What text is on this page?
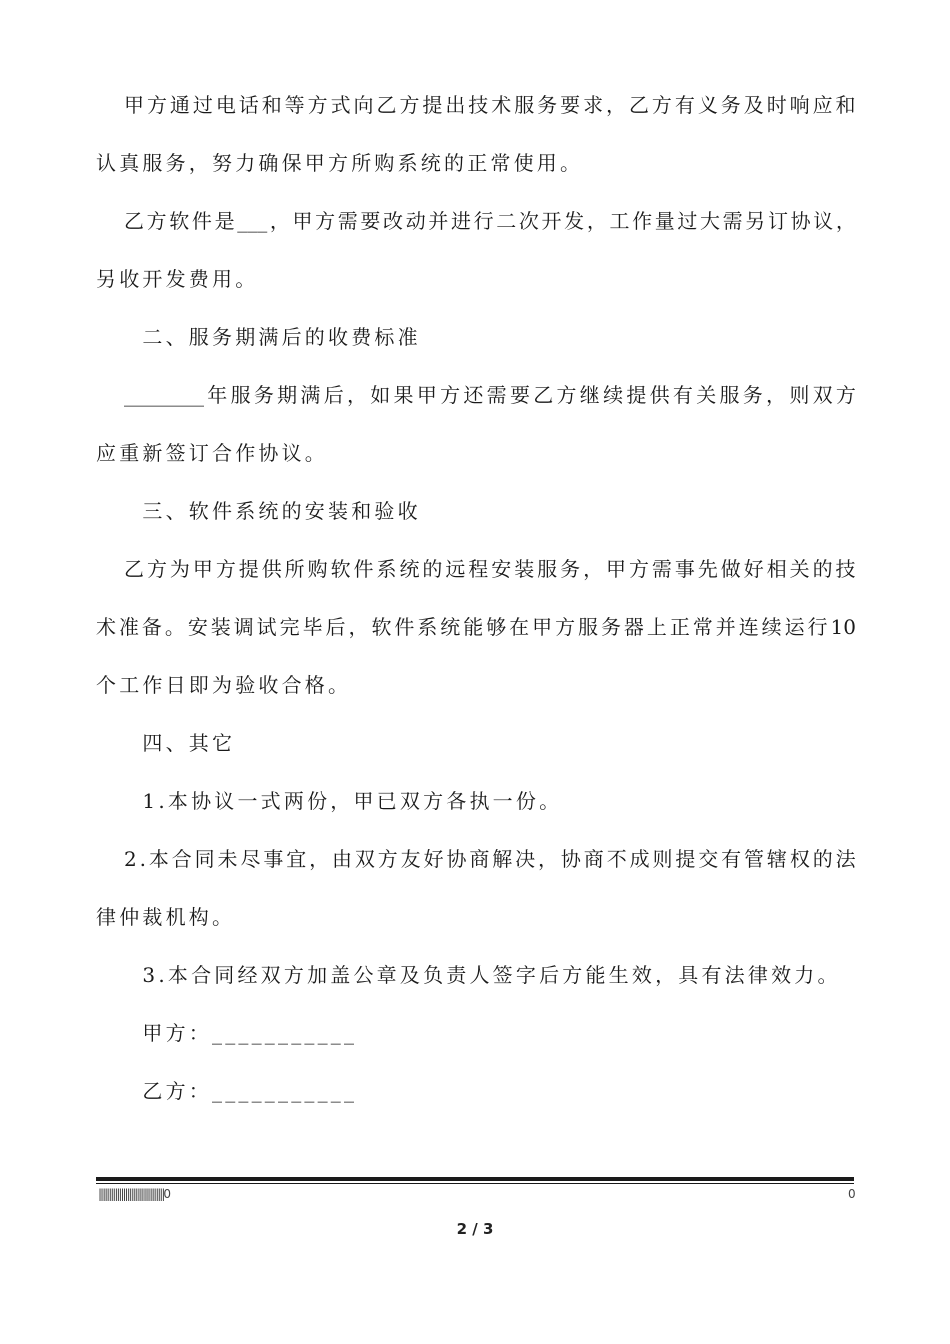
甲 方 通 过 电 话 和 等 方 式 向 乙 方 提 出 技 术 服 务 要 求 ， 乙 方 有 义 务 及 时 响 应 和
认真服务，努力确保甲方所购系统的正常使用。
乙 方 软 件 是 ___ ， 甲 方 需 要 改 动 并 进 行 二 次 开 发 ， 工 作 量 过 大 需 另 订 协 议 ，
另收开发费用。
　　二、服务期满后的收费标准
________ 年 服 务 期 满 后 ， 如 果 甲 方 还 需 要 乙 方 继 续 提 供 有 关 服 务 ， 则 双 方
应重新签订合作协议。
　　三、软件系统的安装和验收
乙 方 为 甲 方 提 供 所 购 软 件 系 统 的 远 程 安 装 服 务 ， 甲 方 需 事 先 做 好 相 关 的 技
术 准 备 。 安 装 调 试 完 毕 后 ， 软 件 系 统 能 够 在 甲 方 服 务 器 上 正 常 并 连 续 运 行 10
个工作日即为验收合格。
　　四、其它
　　1.本协议一式两份，甲已双方各执一份。
2 . 本 合 同 未 尽 事 宜 ， 由 双 方 友 好 协 商 解 决 ， 协 商 不 成 则 提 交 有 管 辖 权 的 法
律仲裁机构。
　　3.本合同经双方加盖公章及负责人签字后方能生效，具有法律效力。
　　甲方：___________
　　乙方：___________
||||||||||||||||||||||||||||||||0	0
2 / 3
